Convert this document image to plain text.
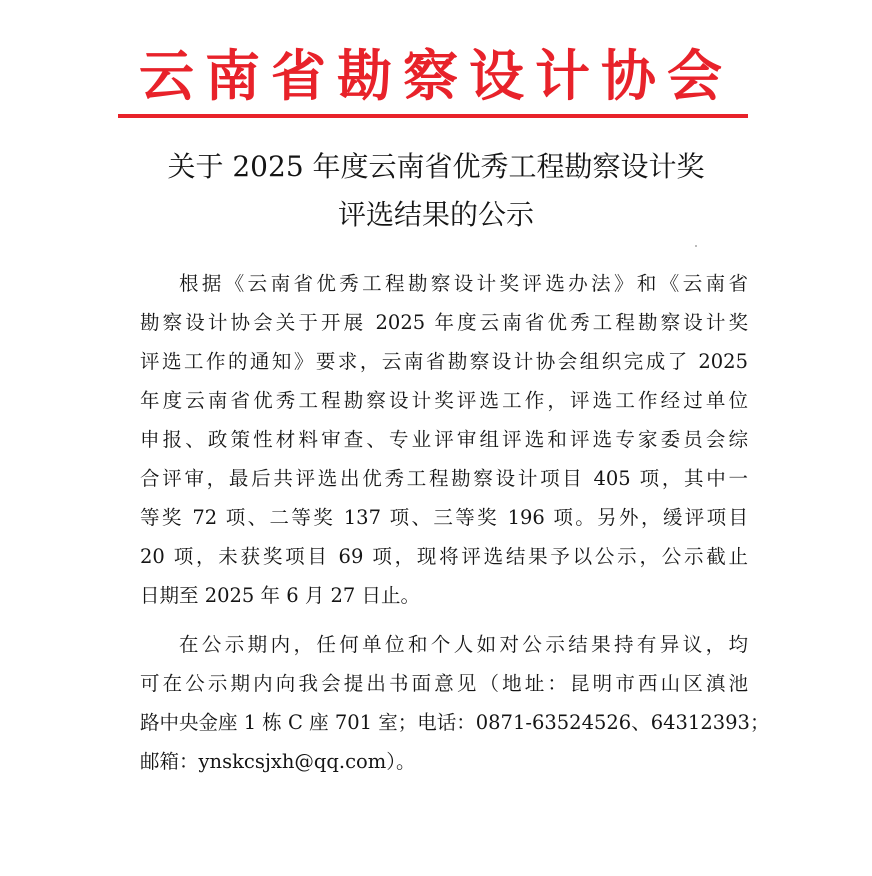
云南省勘察设计协会
关于 2025 年度云南省优秀工程勘察设计奖
评选结果的公示
根据《云南省优秀工程勘察设计奖评选办法》和《云南省
勘察设计协会关于开展 2025 年度云南省优秀工程勘察设计奖
评选工作的通知》要求，云南省勘察设计协会组织完成了 2025
年度云南省优秀工程勘察设计奖评选工作，评选工作经过单位
申报、政策性材料审查、专业评审组评选和评选专家委员会综
合评审，最后共评选出优秀工程勘察设计项目 405 项，其中一
等奖 72 项、二等奖 137 项、三等奖 196 项。另外，缓评项目
20 项，未获奖项目 69 项，现将评选结果予以公示，公示截止
日期至 2025 年 6 月 27 日止。
在公示期内，任何单位和个人如对公示结果持有异议，均
可在公示期内向我会提出书面意见（地址：昆明市西山区滇池
路中央金座 1 栋 C 座 701 室；电话：0871-63524526、64312393；
邮箱：ynskcsjxh@qq.com）。
